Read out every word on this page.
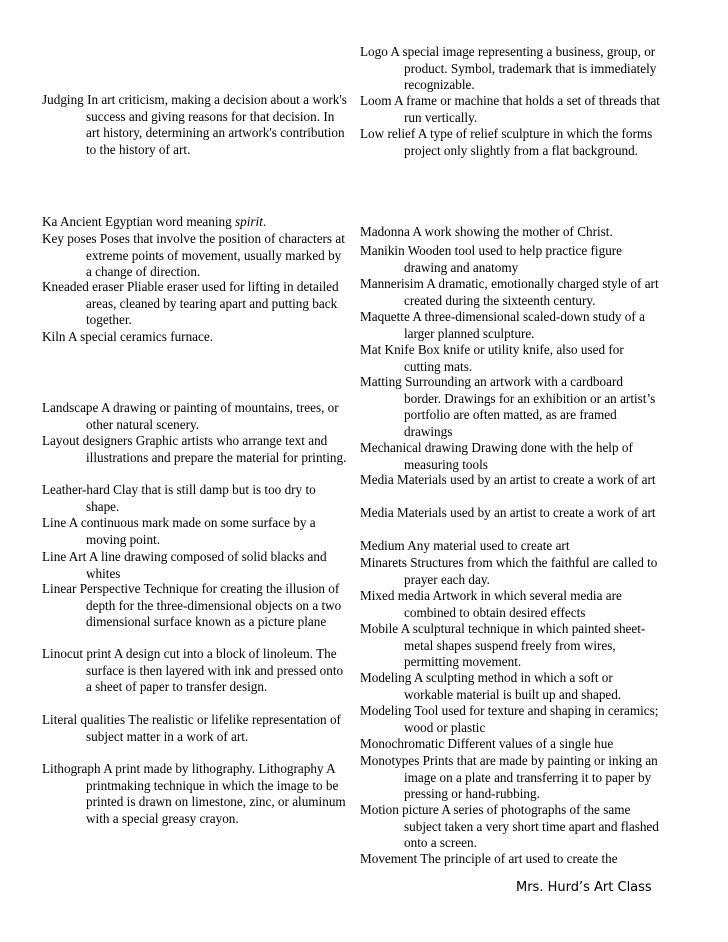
Judging In art criticism, making a decision about a work's success and giving reasons for that decision. In art history, determining an artwork's contribution to the history of art.
Ka Ancient Egyptian word meaning spirit.
Key poses Poses that involve the position of characters at extreme points of movement, usually marked by a change of direction.
Kneaded eraser Pliable eraser used for lifting in detailed areas, cleaned by tearing apart and putting back together.
Kiln A special ceramics furnace.
Landscape A drawing or painting of mountains, trees, or other natural scenery.
Layout designers Graphic artists who arrange text and illustrations and prepare the material for printing.
Leather-hard Clay that is still damp but is too dry to shape.
Line A continuous mark made on some surface by a moving point.
Line Art A line drawing composed of solid blacks and whites
Linear Perspective Technique for creating the illusion of depth for the three-dimensional objects on a two dimensional surface known as a picture plane
Linocut print A design cut into a block of linoleum. The surface is then layered with ink and pressed onto a sheet of paper to transfer design.
Literal qualities The realistic or lifelike representation of subject matter in a work of art.
Lithograph A print made by lithography. Lithography A printmaking technique in which the image to be printed is drawn on limestone, zinc, or aluminum with a special greasy crayon.
Logo A special image representing a business, group, or product. Symbol, trademark that is immediately recognizable.
Loom A frame or machine that holds a set of threads that run vertically.
Low relief A type of relief sculpture in which the forms project only slightly from a flat background.
Madonna A work showing the mother of Christ.
Manikin Wooden tool used to help practice figure drawing and anatomy
Mannerisim A dramatic, emotionally charged style of art created during the sixteenth century.
Maquette A three-dimensional scaled-down study of a larger planned sculpture.
Mat Knife Box knife or utility knife, also used for cutting mats.
Matting Surrounding an artwork with a cardboard border. Drawings for an exhibition or an artist’s portfolio are often matted, as are framed drawings
Mechanical drawing Drawing done with the help of measuring tools
Media Materials used by an artist to create a work of art
Media Materials used by an artist to create a work of art
Medium Any material used to create art
Minarets Structures from which the faithful are called to prayer each day.
Mixed media Artwork in which several media are combined to obtain desired effects
Mobile A sculptural technique in which painted sheet-metal shapes suspend freely from wires, permitting movement.
Modeling A sculpting method in which a soft or workable material is built up and shaped.
Modeling Tool used for texture and shaping in ceramics; wood or plastic
Monochromatic Different values of a single hue
Monotypes Prints that are made by painting or inking an image on a plate and transferring it to paper by pressing or hand-rubbing.
Motion picture A series of photographs of the same subject taken a very short time apart and flashed onto a screen.
Movement The principle of art used to create the
Mrs. Hurd’s Art Class
